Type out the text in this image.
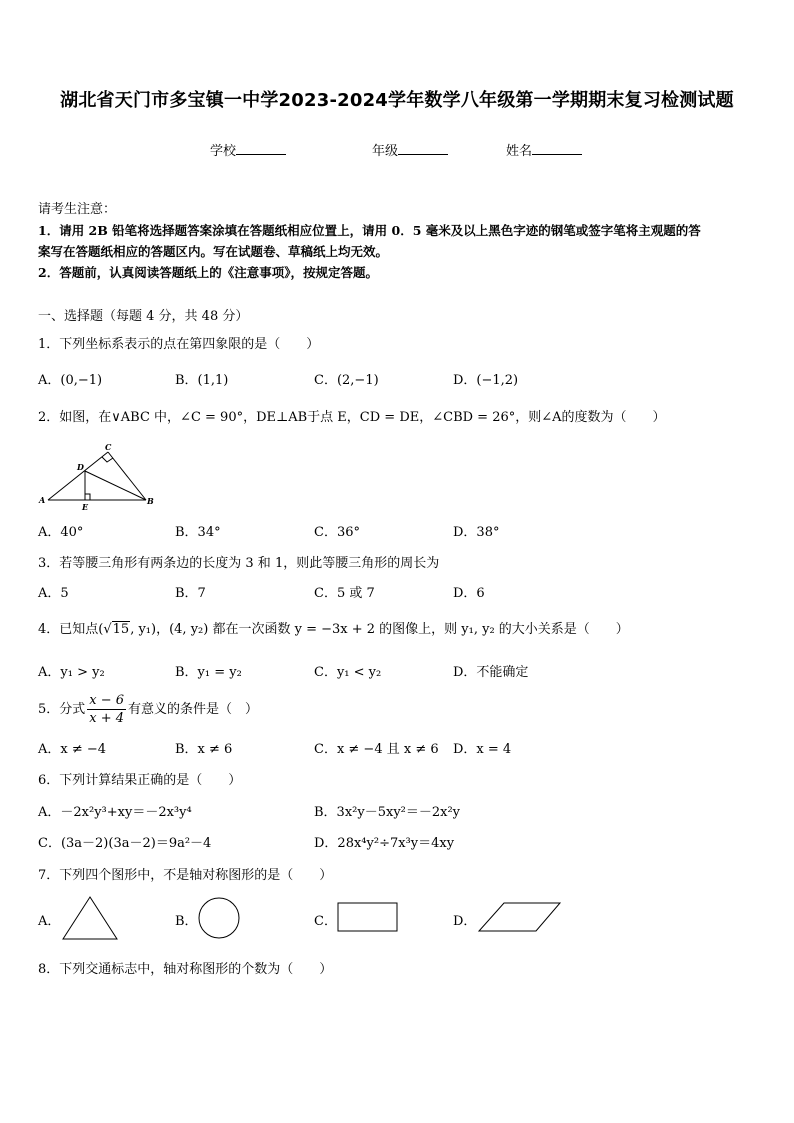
湖北省天门市多宝镇一中学2023-2024学年数学八年级第一学期期末复习检测试题
学校	年级	姓名
请考生注意：
1．请用 2B 铅笔将选择题答案涂填在答题纸相应位置上，请用 0．5 毫米及以上黑色字迹的钢笔或签字笔将主观题的答
案写在答题纸相应的答题区内。写在试题卷、草稿纸上均无效。
2．答题前，认真阅读答题纸上的《注意事项》，按规定答题。
一、选择题（每题 4 分，共 48 分）
1．下列坐标系表示的点在第四象限的是（　　）
A．(0,−1)	B．(1,1)	C．(2,−1)	D．(−1,2)
2．如图，在∨ABC 中，∠C = 90°，DE⊥AB于点 E，CD = DE，∠CBD = 26°，则∠A的度数为（　　）
A	B
C
D
E
A．40°	B．34°	C．36°	D．38°
3．若等腰三角形有两条边的长度为 3 和 1，则此等腰三角形的周长为
A．5	B．7	C．5 或 7	D．6
4．已知点(√15, y₁)，(4, y₂) 都在一次函数 y = −3x + 2 的图像上，则 y₁, y₂ 的大小关系是（　　）
A．y₁ > y₂	B．y₁ = y₂	C．y₁ < y₂	D．不能确定
5．分式 $\frac{x - 6}{x + 4}$ 有意义的条件是（　）
A．x ≠ −4	B．x ≠ 6	C．x ≠ −4 且 x ≠ 6 D．x = 4
6．下列计算结果正确的是（　　）
A．－2x²y³+xy＝－2x³y⁴	B．3x²y－5xy²＝－2x²y
C．(3a－2)(3a－2)＝9a²－4	D．28x⁴y²÷7x³y＝4xy
7．下列四个图形中，不是轴对称图形的是（　　）
A．	B．	C．	D．
8．下列交通标志中，轴对称图形的个数为（　　）
